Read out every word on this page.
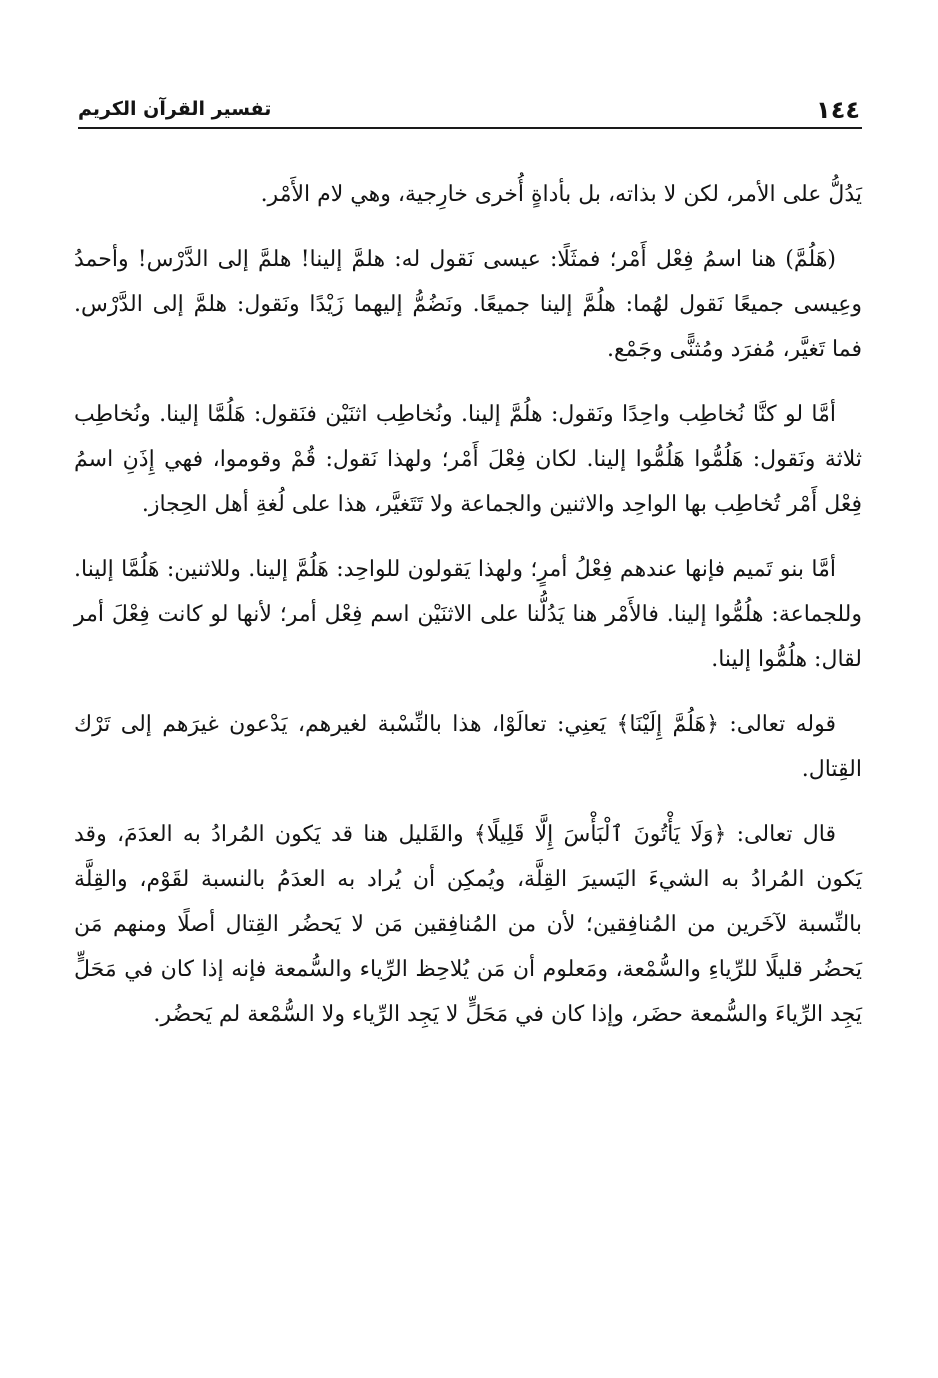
١٤٤
تفسير القرآن الكريم

يَدُلُّ على الأمر، لكن لا بذاته، بل بأداةٍ أُخرى خارِجية، وهي لام الأَمْر.

(هَلُمَّ) هنا اسمُ فِعْل أَمْر؛ فمثَلًا: عيسى نَقول له: هلمَّ إلينا! هلمَّ إلى الدَّرْس! وأحمدُ وعِيسى جميعًا نَقول لهُما: هلُمَّ إلينا جميعًا. ونَضُمُّ إليهما زَيْدًا ونَقول: هلمَّ إلى الدَّرْس. فما تَغيَّر، مُفرَد ومُثنًّى وجَمْع.

أمَّا لو كنَّا نُخاطِب واحِدًا ونَقول: هلُمَّ إلينا. ونُخاطِب اثنَيْن فنَقول: هَلُمَّا إلينا. ونُخاطِب ثلاثة ونَقول: هَلُمُّوا هَلُمُّوا إلينا. لكان فِعْلَ أَمْر؛ ولهذا نَقول: قُمْ وقوموا، فهي إِذَنِ اسمُ فِعْل أَمْر تُخاطِب بها الواحِد والاثنين والجماعة ولا تَتَغيَّر، هذا على لُغةِ أهل الحِجاز.

أمَّا بنو تَميم فإنها عندهم فِعْلُ أمرٍ؛ ولهذا يَقولون للواحِد: هَلُمَّ إلينا. وللاثنين: هَلُمَّا إلينا. وللجماعة: هلُمُّوا إلينا. فالأَمْر هنا يَدُلُّنا على الاثنَيْن اسم فِعْل أمر؛ لأنها لو كانت فِعْلَ أمر لقال: هلُمُّوا إلينا.

قوله تعالى: ﴿هَلُمَّ إِلَيْنَا﴾ يَعنِي: تعالَوْا، هذا بالنِّسْبة لغيرهم، يَدْعون غيرَهم إلى تَرْك القِتال.

قال تعالى: ﴿وَلَا يَأْتُونَ ٱلْبَأْسَ إِلَّا قَلِيلًا﴾ والقَليل هنا قد يَكون المُرادُ به العدَمَ، وقد يَكون المُرادُ به الشيءَ اليَسيرَ القِلَّة، ويُمكِن أن يُراد به العدَمُ بالنسبة لقَوْم، والقِلَّة بالنِّسبة لآخَرين من المُنافِقين؛ لأن من المُنافِقين مَن لا يَحضُر القِتال أصلًا ومنهم مَن يَحضُر قليلًا للرِّياءِ والسُّمْعة، ومَعلوم أن مَن يُلاحِظ الرِّياء والسُّمعة فإنه إذا كان في مَحَلٍّ يَجِد الرِّياءَ والسُّمعة حضَر، وإذا كان في مَحَلٍّ لا يَجِد الرِّياء ولا السُّمْعة لم يَحضُر.
